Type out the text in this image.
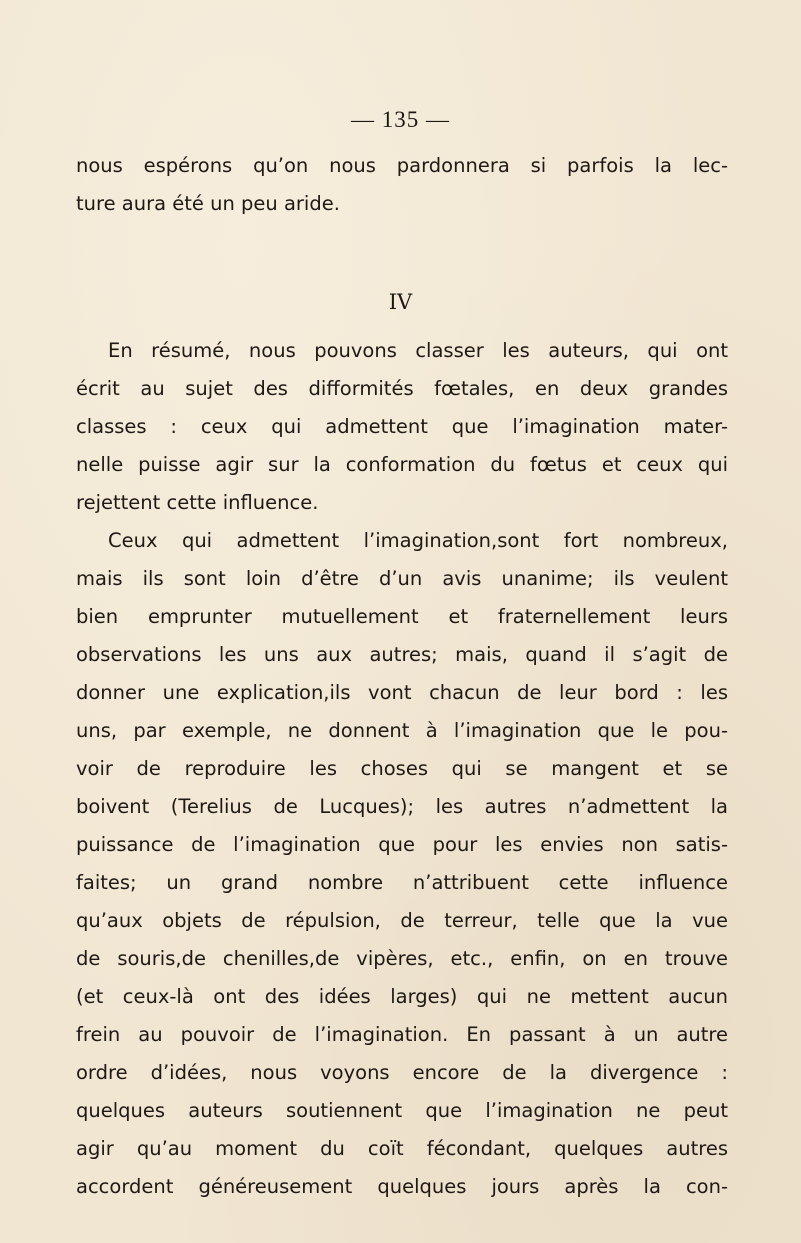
— 135 —
nous espérons qu’on nous pardonnera si parfois la lec-
ture aura été un peu aride.
IV
En résumé, nous pouvons classer les auteurs, qui ont
écrit au sujet des difformités fœtales, en deux grandes
classes : ceux qui admettent que l’imagination mater-
nelle puisse agir sur la conformation du fœtus et ceux qui
rejettent cette influence.
Ceux qui admettent l’imagination,sont fort nombreux,
mais ils sont loin d’être d’un avis unanime; ils veulent
bien emprunter mutuellement et fraternellement leurs
observations les uns aux autres; mais, quand il s’agit de
donner une explication,ils vont chacun de leur bord : les
uns, par exemple, ne donnent à l’imagination que le pou-
voir de reproduire les choses qui se mangent et se
boivent (Terelius de Lucques); les autres n’admettent la
puissance de l’imagination que pour les envies non satis-
faites; un grand nombre n’attribuent cette influence
qu’aux objets de répulsion, de terreur, telle que la vue
de souris,de chenilles,de vipères, etc., enfin, on en trouve
(et ceux-là ont des idées larges) qui ne mettent aucun
frein au pouvoir de l’imagination. En passant à un autre
ordre d’idées, nous voyons encore de la divergence :
quelques auteurs soutiennent que l’imagination ne peut
agir qu’au moment du coït fécondant, quelques autres
accordent généreusement quelques jours après la con-
